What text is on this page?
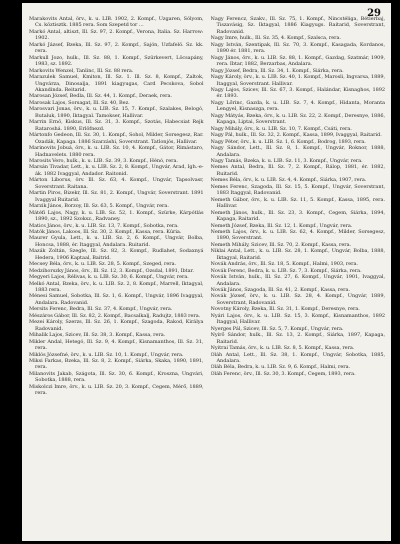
29

Marakovits Antal, örv., k. u. LIB. 1902, 2. Kompf., Uzgaren, Sólyom, Cs. köztisztk. 1885 rera. Som Szepetd tor …

Markó Antal, altiszt, Ill. Sz. 97, 2. Kompf., Verona, Italia. Sz. Harrow: 1902.

Markó Jázsef, Bzeka, Ill. Sz. 97, 2. Kompf., Sajón, Uzfafelö. Sz. kk. rera.

Markull Jozo, hulk., Ill. Sz. 88, 1. Kompf., Szürkevert, Löcsapány, 1983, sz. 1892.

Markovits Wenzel, Tanlinc, Ill. Sz. 88 rera.

Marazulek Samuel, Kmiton, Ill. Sz. 1. Ill. Sz. 8, Kompf., Zaltok, Ungvárza, Dinosalja, 1891 kiagyugas, Card Pecskova, Sobol Akandinda. Reitarid.

Marosan József, Bedla, Ill. Sz. 44, 1. Kompf., Deraek, rera.

Marosak Lajos, Sorsagat, Ill. Sz. 40, Bez.

Marosvari Jonas, örv., k. u. LIB. Sz. 15, 7. Kompf., Szalakes, Belogó, Butaluk, 1890, Iktagyal. Tamokser, Hallivar.

Marrin Ernö, Kiskus, Ill. Sz. 31, 3. Kompf., Szotás, Habecsiat Rejk Rataroshá. 1890, Erlöfnezd.

Mártonfo Gedeon, Ill. Sz. 30, 1. Kompf., Sohol, Milder, Sorsegesz, Rar. Ozadák, Kapaga. 1886 Szarzáshi, Soverstrant. Tatlonjós, Hallivar.

Marinovits Jobuá, örv., k. u. LIB. Sz. 10, 4. Kompf., Gátor, Rimástaro, Hadnavelets. 1880 rera.

Marosits Vero, hulk., k. u. LIB. Sz. 39, 3. Kompf., Hénó, rera.

Marsán Tivadar, Lett., k. u. LIB. Sz. 2, 8. Kompf., Ungvár, Arad, Igh.-e-ák. 1882 Ivaggyal, Andador. Raitonid.

Márton Liborus, örv. Ill. Sz. 63, 4. Kompf., Ungvár, Tapsolvasr, Soverstrant. Raitana.

Martin Piros, Bizekr, Ill. Sz. 81, 2. Kompf., Ungvár, Soverstrant. 1891 Ivaggyal Ruitarid.

Marzik János, Borzoy, Ill. Sz. 63, 5. Kompf., Ungvár, rera.

Mátéfi Lajos, Nagy, k. u. LIB. Sz. 52, 1. Kompf., Szürke, Kárpótlás 1890, sz., 1892 Szoksz., Radvaney.

Matics János, örv., k. u. LIB. Sz. 13, 7. Kompf., Sobotka, rera.

Matók János, Lakoos, Ill. Sz. 30, 2. Kompf., Kassa, rera. Kúria.

Maurer Gyula, Lett., k. u. LIB. Sz. 2, 6. Kompf., Ungvár, Bolba, Honcsa, 1888, ér. Itaggyal, Andalara. Ruitarid.

Mazák Zoltán, Szegle, Ill. Sz. 82, 3. Kompf., Rudlahet, Sodaxnyá Hedera, 1906 Kaptaal, Baitrid.

Mecsey Béla, örv., k. u. LIB. Sz. 28, 5. Kompf., Szeged, rera.

Medzihorszky János, örv., Ill. Sz. 12, 3. Kompf., Ozsdal, 1891, Ibtar.

Megyeri Lajos, Rélivas, k. u. LIB. Sz. 30, 6. Kompf., Ungvár, rera.

Melkó Antal, Bzeka, örv., k. u. LIB. Sz. 2, 8. Kompf., Marrell, Iktagyal, 1883 rera.

Ménesi Samuel, Sobotka, Ill. Sz. 1, 6. Kompf., Ungvár, 1896 Ivaggyal, Andalara. Radovanid.

Mersits Ferenc, Bedra, Ill. Sz. 37, 4. Kompf., Ungvár, rera.

Mészáros Gábor, Ill. Sz. 82, 2. Kompf., Bacsalkalj, Radujtz, 1883 rera.

Mezei Károly, Szerzs, Ill. Sz. 26, 1. Kompf., Szagoda, Rakod, Királya Radovanid.

Mihalik Lajos, Szicev, Ill. Sz. 38, 3. Kompf., Kassa, rera.

Mikler Andal, Hetegó, Ill. Sz. 9, 4. Kompf., Kisnamanthos, Ill. Sz. 31, rera.

Miklós Józsefné, örv., k. u. LIB. Sz. 10, 1. Kompf., Ungvár, rera.

Miksi Farkas, Bzeka, Ill. Sz. 8, 2. Kompf., Siárka, Skaka, 1890, 1891, rera.

Milanovits Jakab, Szágota, Ill. Sz. 30, 6. Kompf., Kroszna, Ungvári, Sobotka, 1888, rera.

Miskolczi Imre, örv., k. u. LIB. Sz. 20, 3. Kompf., Cegem, Mérő, 1889, rera.

Nagy Ferencz, Szakv., Ill. Sz. 75, 1. Kompf., Nincstéliga, Bétlerbaj, Tiszavásig, Sz. Iktagyal, 1886 Kiagyugs. Raitarid, Soverstrant, Radovanid.

Nagy Imre, hulk., Ill. Sz. 35, 4. Kompf., Szalsca, rera.

Nagy István, Szentipak, Ill. Sz. 70, 3. Kompf., Kasagada, Kordanos, 1890 ér. 1881, rera.

Nagy János, örv., k. u. LIB. Sz. 88, 1. Kompf., Gazdag, Szatmár, 1909, rera. Ibtar, 1882, Berzarbas, Andalara.

Nagy József, Bedra, Ill. Sz. 34, 1. Kompf., Siárka, rera.

Nagy Károly, örv., k. u. LIB. Sz. 40, 1. Kompf., Marosli, Ingvarsa, 1889, Itaggyal, Soverstrant. Hallivar.

Nagy Lajos, Szicev, Ill. Sz. 67, 3. Kompf., Halándar, Kisnaghos, 1892 ér. 1893.

Nagy Lőrinc, Gazda, k. u. LIB. Sz. 7, 4. Kompf., Hidanta, Moranta Lengyel, Kisnaszga, rera.

Nagy Mátyás, Bzeka, örv., k. u. LIB. Sz. 22, 2. Kompf., Deresnye, 1886, Kapaga, Liptai, Soverstrant.

Nagy Mihály, örv., k. u. LIB. Sz. 10, 7. Kompf., Csáti, rera.

Nagy Pál, hulk., Ill. Sz. 32, 2. Kompf., Kassa, 1899, Ivaggyal, Raitarid.

Nagy Péter, örv., k. u. LIB. Sz. 1, 6. Kompf., Bodrog, 1893, rera.

Nagy Sándor, Lett., Ill. Sz. 8, 1. Kompf., Ungvár, Roknor, 1888, Andalara.

Nagy Tamás, Bzeka, k. u. LIB. Sz. 11, 3. Kompf., Ungvár, rera.

Nemes Antal, Bedra, Ill. Sz. 7, 2. Kompf., Rálop, 1881, ér. 1882, Ruitarid.

Nemes Béla, örv., k. u. LIB. Sz. 4, 4. Kompf., Siárka, 1907, rera.

Nemes Ferenc, Szagoda, Ill. Sz. 15, 5. Kompf., Ungvár, Soverstrant, 1883 Itaggyal, Radovanid.

Nemeth Gábor, örv., k. u. LIB. Sz. 11, 5. Kompf., Kassa, 1895, rera. Hallivar.

Nemeth János, hulk., Ill. Sz. 23, 3. Kompf., Cegem, Siárka, 1894, Kapaga, Raitarid.

Nemeth József, Bzeka, Ill. Sz. 12, 1. Kompf., Ungvár, rera.

Nemeth Lajos, örv., k. u. LIB. Sz. 62, 4. Kompf., Milder, Sorsegesz, 1890, Soverstrant.

Nemeth Mihály, Szicev, Ill. Sz. 70, 2. Kompf., Kassa, rera.

Niklai Antal, Lett., k. u. LIB. Sz. 28, 1. Kompf., Ungvár, Bolba, 1888, Iktagyal, Raitarid.

Novák András, örv., Ill. Sz. 18, 5. Kompf., Halmi, 1903, rera.

Novák Ferenc, Bedra, k. u. LIB. Sz. 7, 3. Kompf., Siárka, rera.

Novák István, hulk., Ill. Sz. 27, 6. Kompf., Ungvár, 1901, Ivaggyal, Andalara.

Novák János, Szagoda, Ill. Sz. 41, 2. Kompf., Kassa, rera.

Novák József, örv., k. u. LIB. Sz. 28, 4. Kompf., Ungvár, 1889, Soverstrant, Radovanid.

Novotny Károly, Bzeka, Ill. Sz. 31, 1. Kompf., Deresnye, rera.

Nyári Lajos, örv., k. u. LIB. Sz. 15, 3. Kompf., Kisnamanthos, 1892 Itaggyal, Hallivar.

Nyerges Pál, Szicev, Ill. Sz. 5, 7. Kompf., Ungvár, rera.

Nyírő Sándor, hulk., Ill. Sz. 13, 2. Kompf., Siárka, 1897, Kapaga, Raitarid.

Nyitrai Tamás, örv., k. u. LIB. Sz. 8, 5. Kompf., Kassa, rera.

Oláh Antal, Lett., Ill. Sz. 38, 1. Kompf., Ungvár, Sobotka, 1885, Andalara.

Oláh Béla, Bedra, k. u. LIB. Sz. 9, 6. Kompf., Halmi, rera.

Oláh Ferenc, örv., Ill. Sz. 30, 3. Kompf., Cegem, 1893, rera.
